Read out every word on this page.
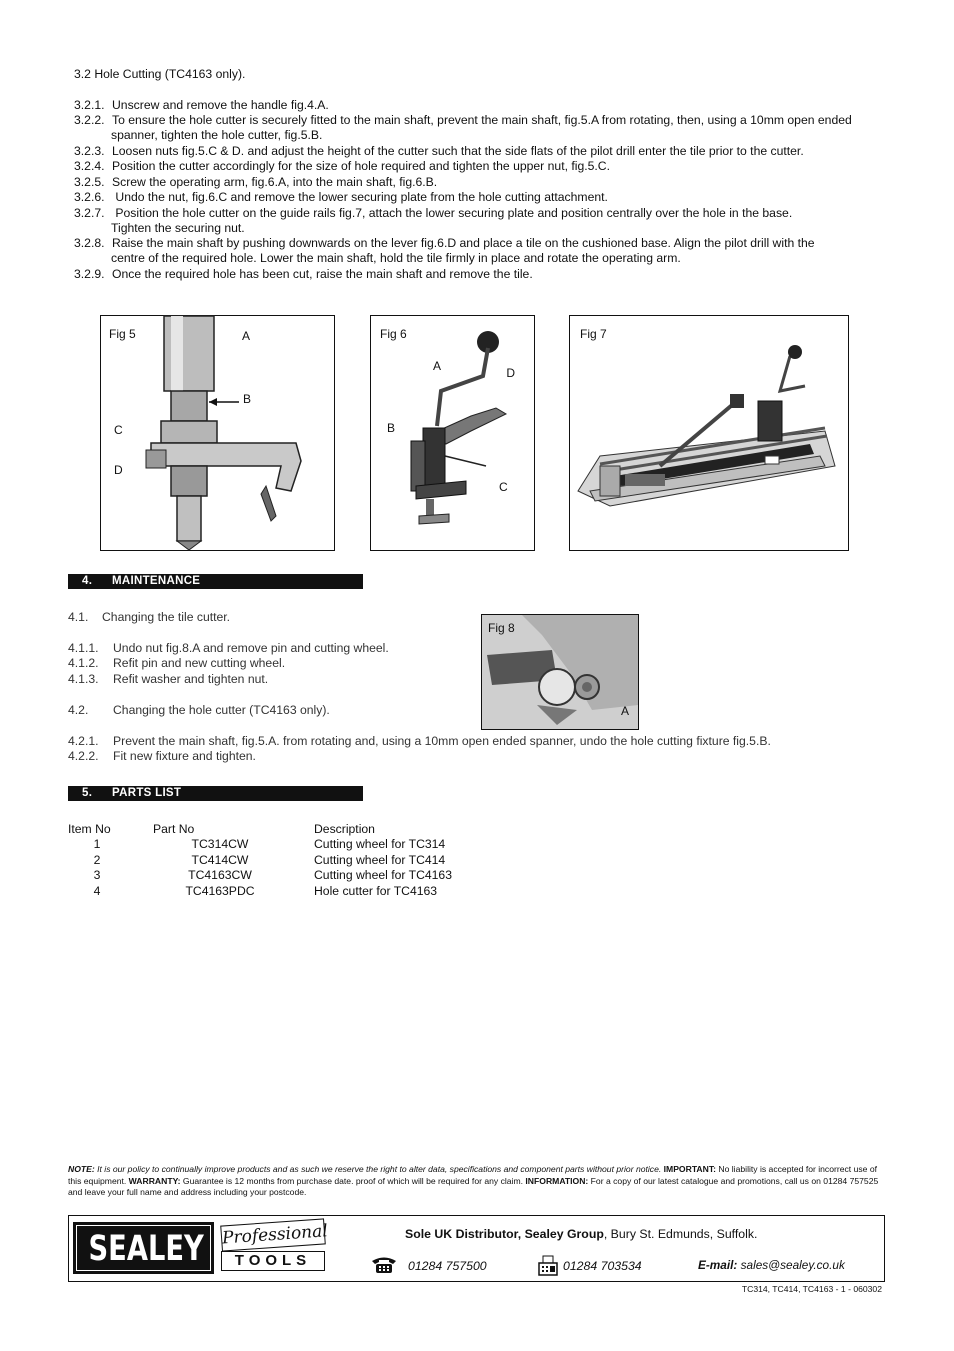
3.2 Hole Cutting (TC4163 only).
3.2.1. Unscrew and remove the handle fig.4.A.
3.2.2. To ensure the hole cutter is securely fitted to the main shaft, prevent the main shaft, fig.5.A from rotating, then, using a 10mm open ended
spanner, tighten the hole cutter, fig.5.B.
3.2.3. Loosen nuts fig.5.C & D. and adjust the height of the cutter such that the side flats of the pilot drill enter the tile prior to the cutter.
3.2.4. Position the cutter accordingly for the size of hole required and tighten the upper nut, fig.5.C.
3.2.5. Screw the operating arm, fig.6.A, into the main shaft, fig.6.B.
3.2.6. Undo the nut, fig.6.C and remove the lower securing plate from the hole cutting attachment.
3.2.7. Position the hole cutter on the guide rails fig.7, attach the lower securing plate and position centrally over the hole in the base.
Tighten the securing nut.
3.2.8. Raise the main shaft by pushing downwards on the lever fig.6.D and place a tile on the cushioned base. Align the pilot drill with the
centre of the required hole. Lower the main shaft, hold the tile firmly in place and rotate the operating arm.
3.2.9. Once the required hole has been cut, raise the main shaft and remove the tile.
Fig 5	A
B
C
D
Fig 6
A
B
C
D
Fig 7
4. MAINTENANCE
4.1. Changing the tile cutter.
4.1.1. Undo nut fig.8.A and remove pin and cutting wheel.
4.1.2. Refit pin and new cutting wheel.
4.1.3. Refit washer and tighten nut.
4.2. Changing the hole cutter (TC4163 only).
4.2.1. Prevent the main shaft, fig.5.A. from rotating and, using a 10mm open ended spanner, undo the hole cutting fixture fig.5.B.
4.2.2. Fit new fixture and tighten.
Fig 8
A
5. PARTS LIST
Item No	Part No	Description
1	TC314CW	Cutting wheel for TC314
2	TC414CW	Cutting wheel for TC414
3	TC4163CW	Cutting wheel for TC4163
4	TC4163PDC	Hole cutter for TC4163
NOTE: It is our policy to continually improve products and as such we reserve the right to alter data, specifications and component parts without prior notice. IMPORTANT: No liability is accepted for incorrect use of this equipment. WARRANTY: Guarantee is 12 months from purchase date. proof of which will be required for any claim. INFORMATION: For a copy of our latest catalogue and promotions, call us on 01284 757525 and leave your full name and address including your postcode.
SEALEY Professional
TOOLS
Sole UK Distributor, Sealey Group, Bury St. Edmunds, Suffolk.
01284 757500	01284 703534	E-mail: sales@sealey.co.uk
TC314, TC414, TC4163 - 1 - 060302
